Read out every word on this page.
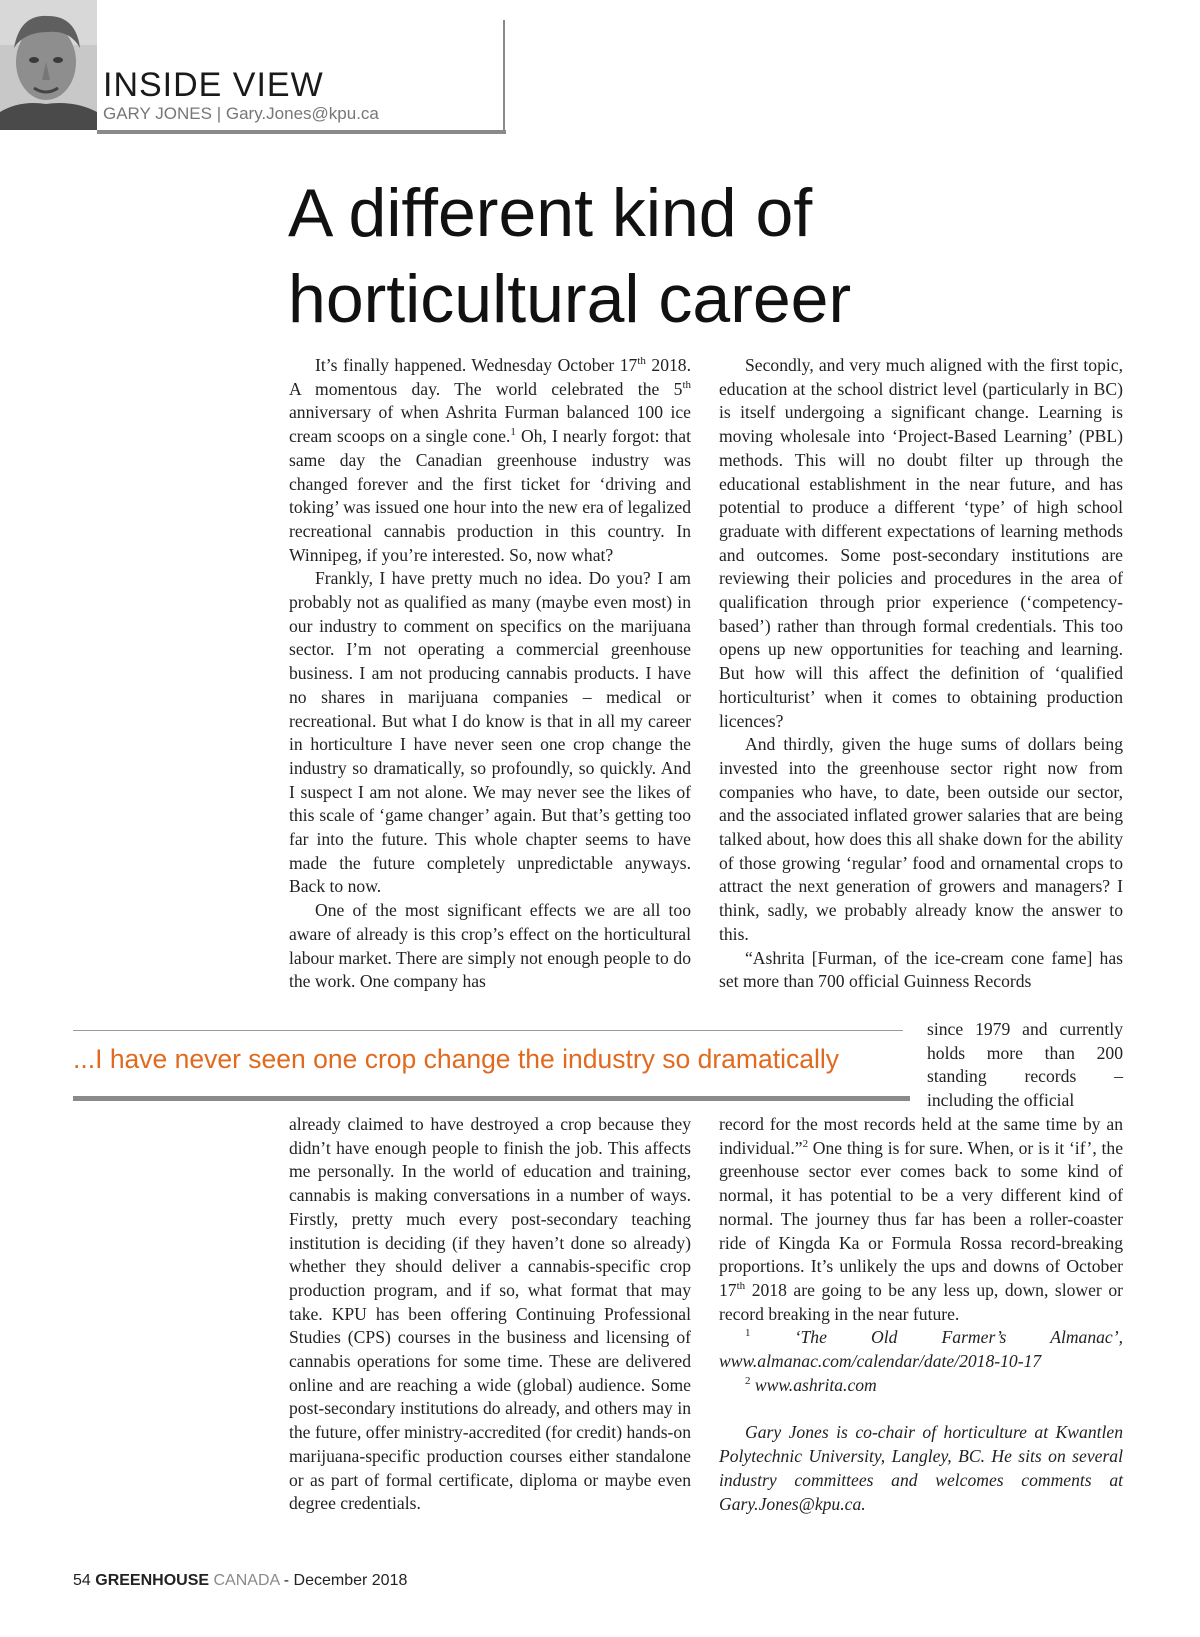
INSIDE VIEW

GARY JONES | Gary.Jones@kpu.ca

A different kind of
horticultural career

It’s finally happened. Wednesday October 17th 2018. A momentous day. The world celebrated the 5th anniversary of when Ashrita Furman balanced 100 ice cream scoops on a single cone.$^1$ Oh, I nearly forgot: that same day the Canadian greenhouse industry was changed forever and the first ticket for ‘driving and toking’ was issued one hour into the new era of legalized recreational cannabis production in this country. In Winnipeg, if you’re interested. So, now what?

Frankly, I have pretty much no idea. Do you? I am probably not as qualified as many (maybe even most) in our industry to comment on specifics on the marijuana sector. I’m not operating a commercial greenhouse business. I am not producing cannabis products. I have no shares in marijuana companies – medical or recreational. But what I do know is that in all my career in horticulture I have never seen one crop change the industry so dramatically, so profoundly, so quickly. And I suspect I am not alone. We may never see the likes of this scale of ‘game changer’ again. But that’s getting too far into the future. This whole chapter seems to have made the future completely unpredictable anyways. Back to now.

One of the most significant effects we are all too aware of already is this crop’s effect on the horticultural labour market. There are simply not enough people to do the work. One company has

...I have never seen one crop change the industry so dramatically

already claimed to have destroyed a crop because they didn’t have enough people to finish the job. This affects me personally. In the world of education and training, cannabis is making conversations in a number of ways. Firstly, pretty much every post-secondary teaching institution is deciding (if they haven’t done so already) whether they should deliver a cannabis-specific crop production program, and if so, what format that may take. KPU has been offering Continuing Professional Studies (CPS) courses in the business and licensing of cannabis operations for some time. These are delivered online and are reaching a wide (global) audience. Some post-secondary institutions do already, and others may in the future, offer ministry-accredited (for credit) hands-on marijuana-specific production courses either standalone or as part of formal certificate, diploma or maybe even degree credentials.

Secondly, and very much aligned with the first topic, education at the school district level (particularly in BC) is itself undergoing a significant change. Learning is moving wholesale into ‘Project-Based Learning’ (PBL) methods. This will no doubt filter up through the educational establishment in the near future, and has potential to produce a different ‘type’ of high school graduate with different expectations of learning methods and outcomes. Some post-secondary institutions are reviewing their policies and procedures in the area of qualification through prior experience (‘competency-based’) rather than through formal credentials. This too opens up new opportunities for teaching and learning. But how will this affect the definition of ‘qualified horticulturist’ when it comes to obtaining production licences?

And thirdly, given the huge sums of dollars being invested into the greenhouse sector right now from companies who have, to date, been outside our sector, and the associated inflated grower salaries that are being talked about, how does this all shake down for the ability of those growing ‘regular’ food and ornamental crops to attract the next generation of growers and managers? I think, sadly, we probably already know the answer to this.

“Ashrita [Furman, of the ice-cream cone fame] has set more than 700 official Guinness Records

since 1979 and currently holds more than 200 standing records – including the official

record for the most records held at the same time by an individual.”$^2$ One thing is for sure. When, or is it ‘if’, the greenhouse sector ever comes back to some kind of normal, it has potential to be a very different kind of normal. The journey thus far has been a roller-coaster ride of Kingda Ka or Formula Rossa record-breaking proportions. It’s unlikely the ups and downs of October 17th 2018 are going to be any less up, down, slower or record breaking in the near future.

$^1$ ‘The Old Farmer’s Almanac’, www.almanac.com/calendar/date/2018-10-17

$^2$ www.ashrita.com

Gary Jones is co-chair of horticulture at Kwantlen Polytechnic University, Langley, BC. He sits on several industry committees and welcomes comments at Gary.Jones@kpu.ca.

54 GREENHOUSE CANADA - December 2018
